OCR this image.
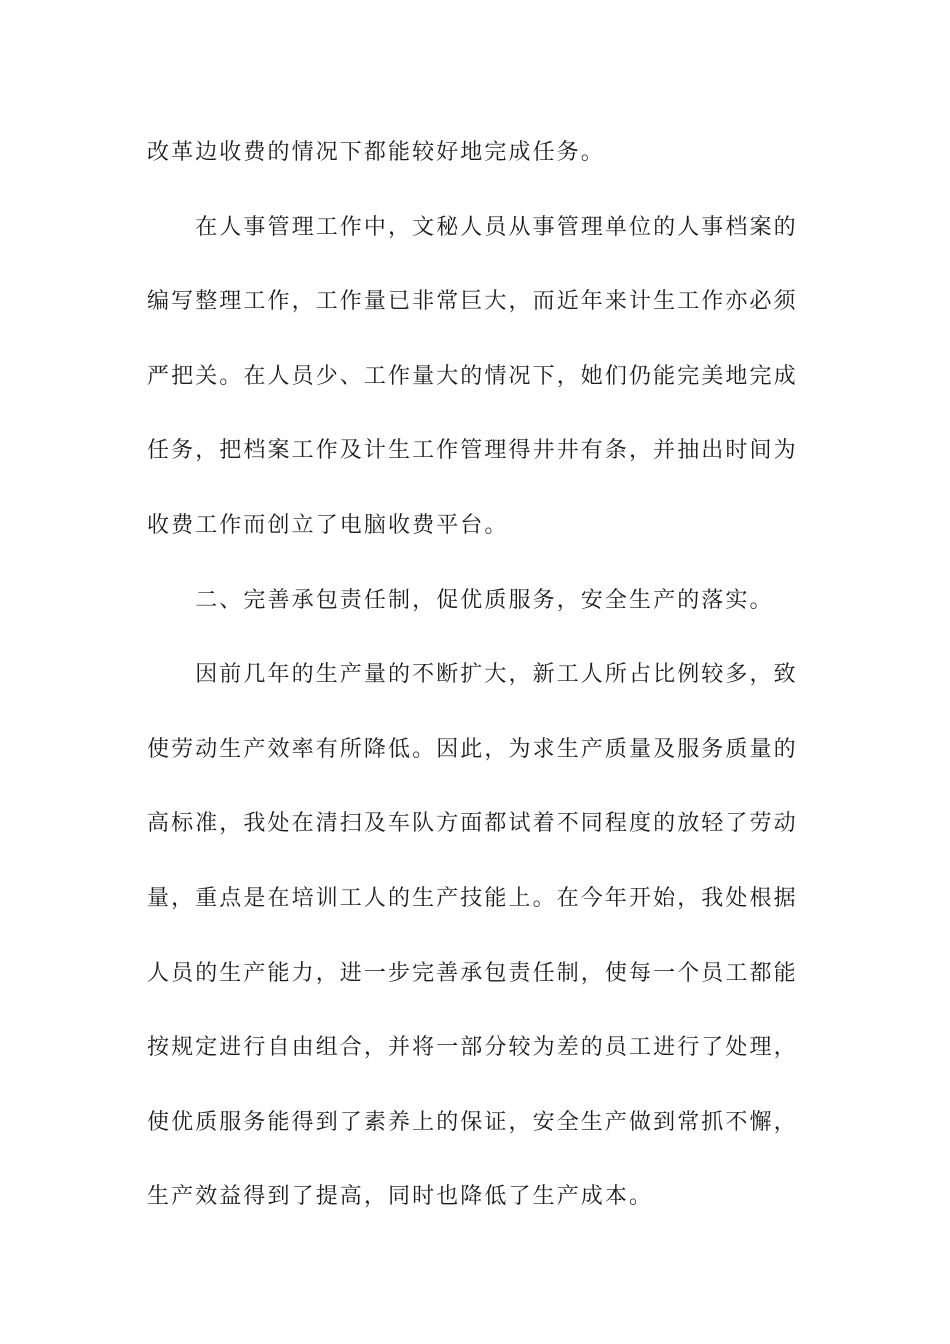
改革边收费的情况下都能较好地完成任务。
　　在人事管理工作中，文秘人员从事管理单位的人事档案的
编写整理工作，工作量已非常巨大，而近年来计生工作亦必须
严把关。在人员少、工作量大的情况下，她们仍能完美地完成
任务，把档案工作及计生工作管理得井井有条，并抽出时间为
收费工作而创立了电脑收费平台。
　　二、完善承包责任制，促优质服务，安全生产的落实。
　　因前几年的生产量的不断扩大，新工人所占比例较多，致
使劳动生产效率有所降低。因此，为求生产质量及服务质量的
高标准，我处在清扫及车队方面都试着不同程度的放轻了劳动
量，重点是在培训工人的生产技能上。在今年开始，我处根据
人员的生产能力，进一步完善承包责任制，使每一个员工都能
按规定进行自由组合，并将一部分较为差的员工进行了处理，
使优质服务能得到了素养上的保证，安全生产做到常抓不懈，
生产效益得到了提高，同时也降低了生产成本。
